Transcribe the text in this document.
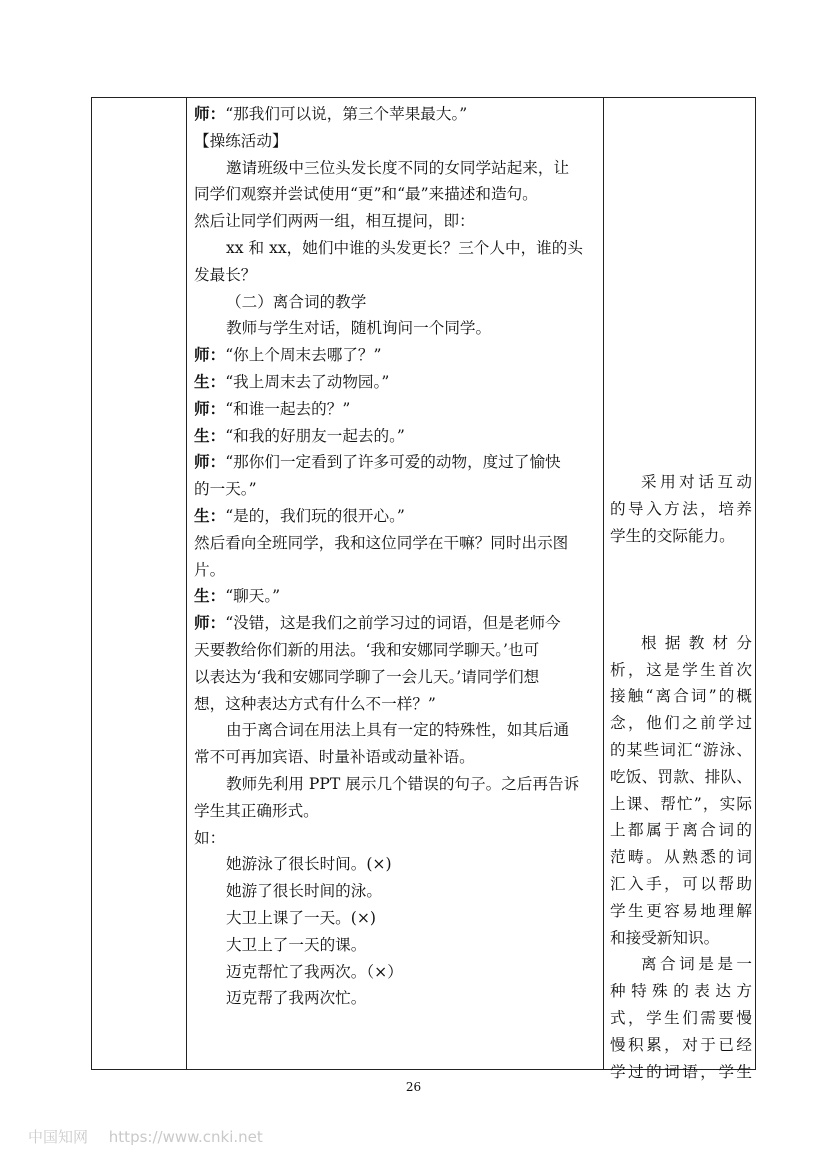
师：“那我们可以说，第三个苹果最大。”
【操练活动】
邀请班级中三位头发长度不同的女同学站起来，让
同学们观察并尝试使用“更”和“最”来描述和造句。
然后让同学们两两一组，相互提问，即：
xx 和 xx，她们中谁的头发更长？三个人中，谁的头
发最长？
（二）离合词的教学
教师与学生对话，随机询问一个同学。
师：“你上个周末去哪了？”
生：“我上周末去了动物园。”
师：“和谁一起去的？”
生：“和我的好朋友一起去的。”
师：“那你们一定看到了许多可爱的动物，度过了愉快
的一天。”
生：“是的，我们玩的很开心。”
然后看向全班同学，我和这位同学在干嘛？同时出示图
片。
生：“聊天。”
师：“没错，这是我们之前学习过的词语，但是老师今
天要教给你们新的用法。‘我和安娜同学聊天。’也可
以表达为‘我和安娜同学聊了一会儿天。’请同学们想
想，这种表达方式有什么不一样？”
由于离合词在用法上具有一定的特殊性，如其后通
常不可再加宾语、时量补语或动量补语。
教师先利用 PPT 展示几个错误的句子。之后再告诉
学生其正确形式。
如：
她游泳了很长时间。(×)
她游了很长时间的泳。
大卫上课了一天。(×)
大卫上了一天的课。
迈克帮忙了我两次。（×）
迈克帮了我两次忙。
采用对话互动
的导入方法，培养
学生的交际能力。
根据教材分
析，这是学生首次
接触“离合词”的概
念，他们之前学过
的某些词汇“游泳、
吃饭、罚款、排队、
上课、帮忙”，实际
上都属于离合词的
范畴。从熟悉的词
汇入手，可以帮助
学生更容易地理解
和接受新知识。
离合词是是一
种特殊的表达方
式，学生们需要慢
慢积累，对于已经
学过的词语，学生
26
中国知网 https://www.cnki.net
